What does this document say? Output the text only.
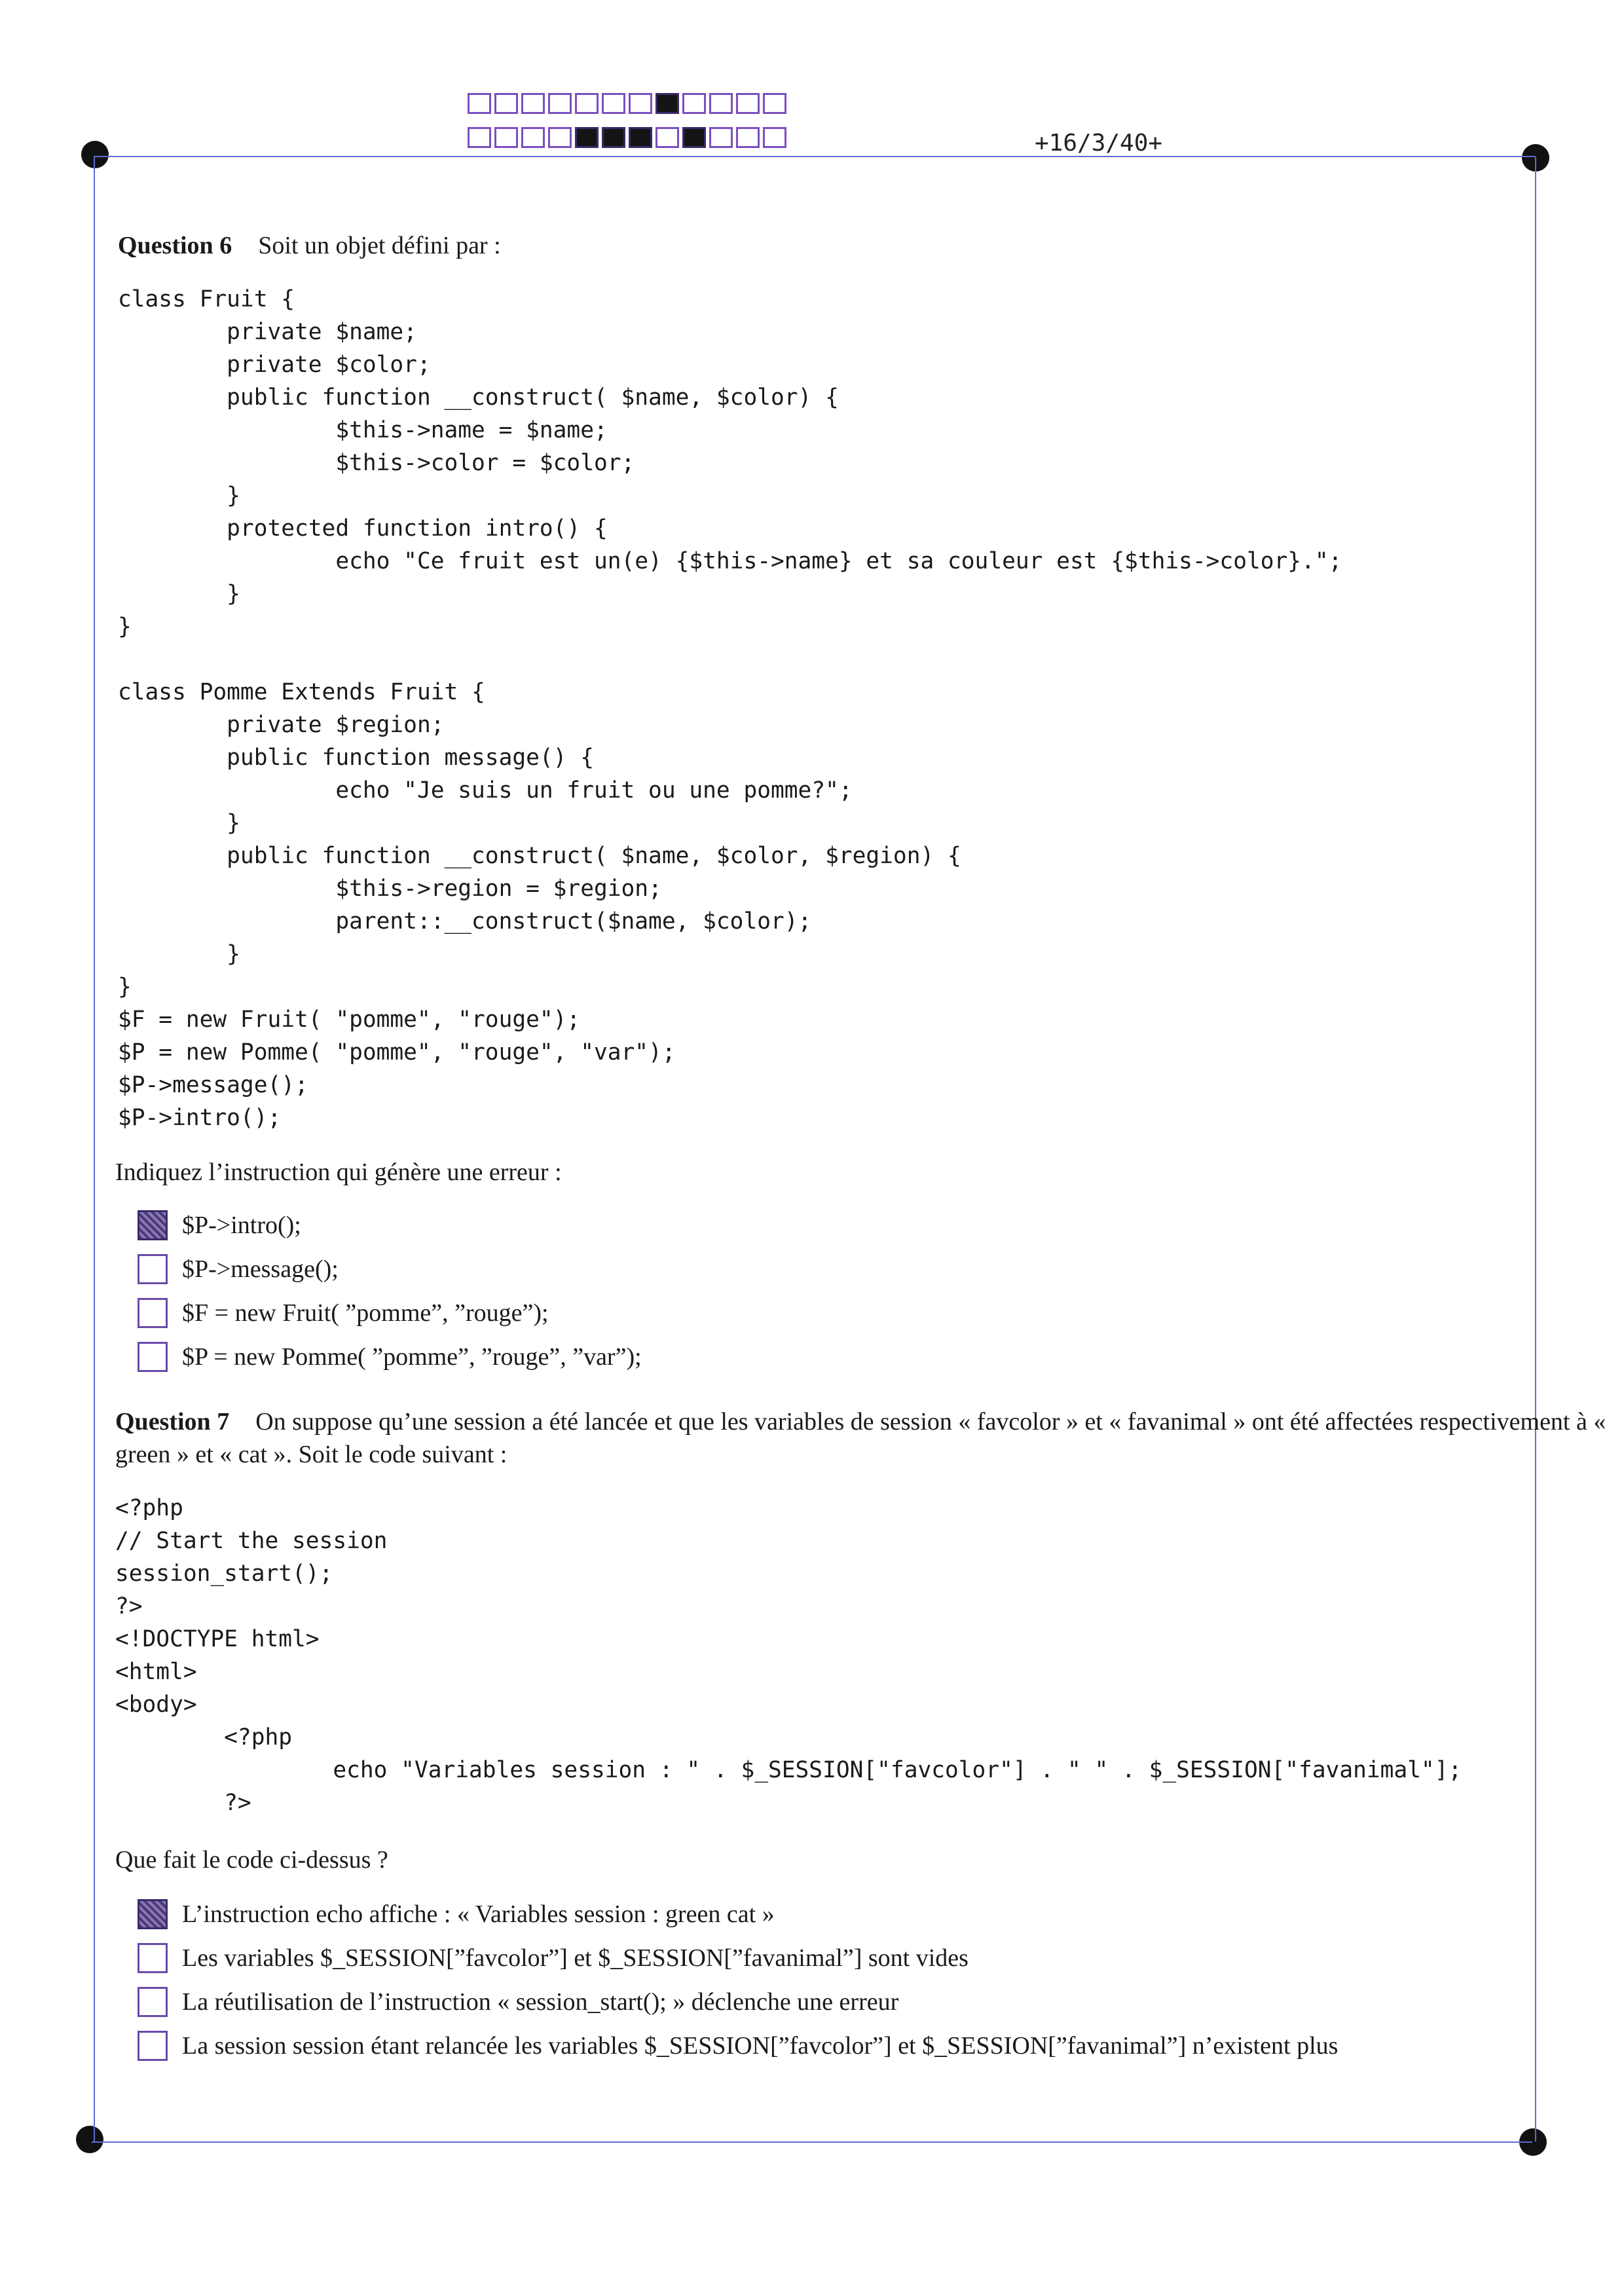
+16/3/40+
Question 6 Soit un objet défini par :
class Fruit {
private $name;
private $color;
public function __construct( $name, $color) {
$this->name = $name;
$this->color = $color;
}
protected function intro() {
echo "Ce fruit est un(e) {$this->name} et sa couleur est {$this->color}.";
}
}

class Pomme Extends Fruit {
private $region;
public function message() {
echo "Je suis un fruit ou une pomme?";
}
public function __construct( $name, $color, $region) {
$this->region = $region;
parent::__construct($name, $color);
}
}
$F = new Fruit( "pomme", "rouge");
$P = new Pomme( "pomme", "rouge", "var");
$P->message();
$P->intro();
Indiquez l’instruction qui génère une erreur :
$P->intro();
$P->message();
$F = new Fruit( ”pomme”, ”rouge”);
$P = new Pomme( ”pomme”, ”rouge”, ”var”);
Question 7 On suppose qu’une session a été lancée et que les variables de session « favcolor » et « favanimal » ont été affectées respectivement à « green » et « cat ». Soit le code suivant :
<?php
// Start the session
session_start();
?>
<!DOCTYPE html>
<html>
<body>
<?php
echo "Variables session : " . $_SESSION["favcolor"] . " " . $_SESSION["favanimal"];
?>
Que fait le code ci-dessus ?
L’instruction echo affiche : « Variables session : green cat »
Les variables $_SESSION[”favcolor”] et $_SESSION[”favanimal”] sont vides
La réutilisation de l’instruction « session_start(); » déclenche une erreur
La session session étant relancée les variables $_SESSION[”favcolor”] et $_SESSION[”favanimal”] n’existent plus
